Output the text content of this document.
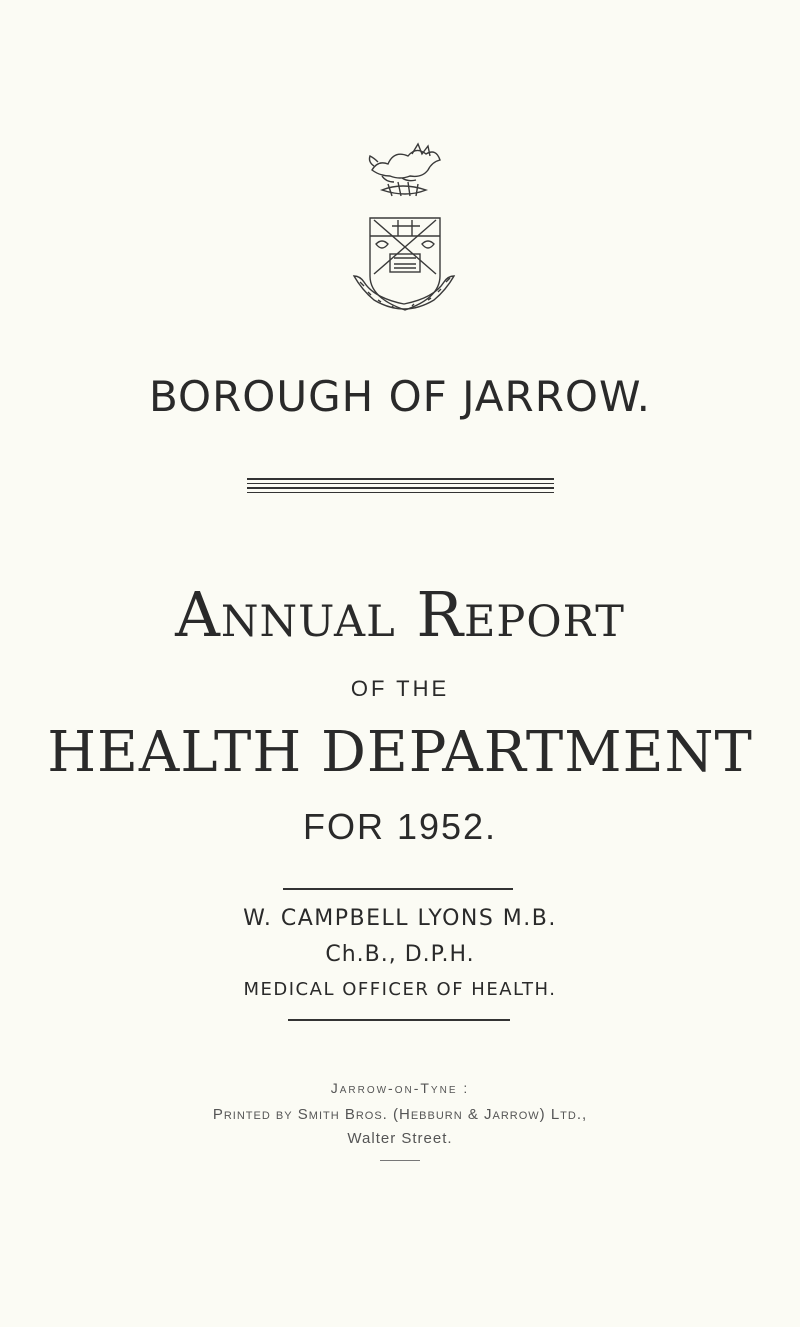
BOROUGH OF JARROW.
Annual Report
OF THE
HEALTH DEPARTMENT
FOR 1952.
W. CAMPBELL LYONS M.B.
Ch.B., D.P.H.
MEDICAL OFFICER OF HEALTH.
Jarrow-on-Tyne :
Printed by Smith Bros. (Hebburn & Jarrow) Ltd.,
Walter Street.
